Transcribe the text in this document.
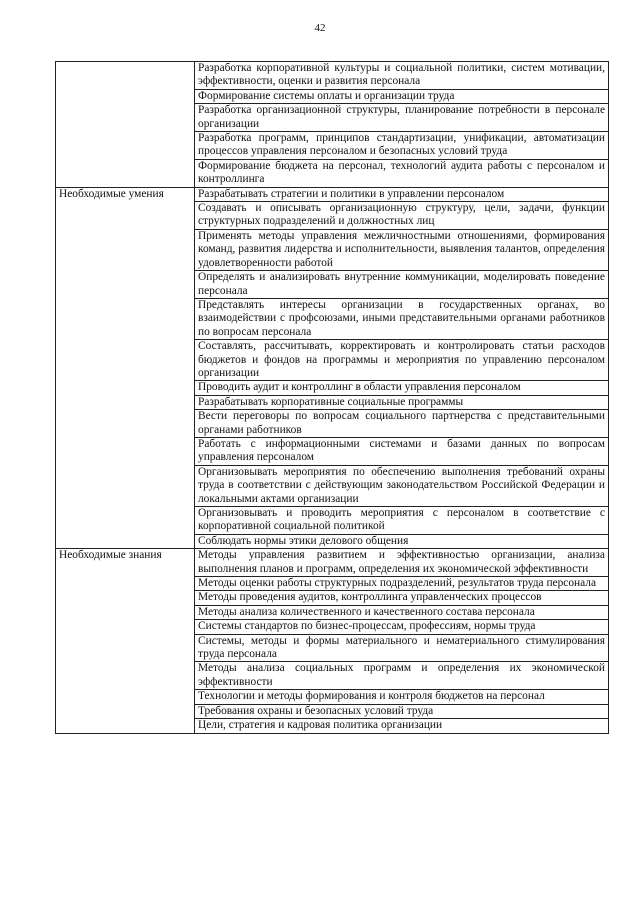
42
	Разработка корпоративной культуры и социальной политики, систем мотивации, эффективности, оценки и развития персонала
	Формирование системы оплаты и организации труда
	Разработка организационной структуры, планирование потребности в персонале организации
	Разработка программ, принципов стандартизации, унификации, автоматизации процессов управления персоналом и безопасных условий труда
	Формирование бюджета на персонал, технологий аудита работы с персоналом и контроллинга
Необходимые умения	Разрабатывать стратегии и политики в управлении персоналом
	Создавать и описывать организационную структуру, цели, задачи, функции структурных подразделений и должностных лиц
	Применять методы управления межличностными отношениями, формирования команд, развития лидерства и исполнительности, выявления талантов, определения удовлетворенности работой
	Определять и анализировать внутренние коммуникации, моделировать поведение персонала
	Представлять интересы организации в государственных органах, во взаимодействии с профсоюзами, иными представительными органами работников по вопросам персонала
	Составлять, рассчитывать, корректировать и контролировать статьи расходов бюджетов и фондов на программы и мероприятия по управлению персоналом организации
	Проводить аудит и контроллинг в области управления персоналом
	Разрабатывать корпоративные социальные программы
	Вести переговоры по вопросам социального партнерства с представительными органами работников
	Работать с информационными системами и базами данных по вопросам управления персоналом
	Организовывать мероприятия по обеспечению выполнения требований охраны труда в соответствии с действующим законодательством Российской Федерации и локальными актами организации
	Организовывать и проводить мероприятия с персоналом в соответствие с корпоративной социальной политикой
	Соблюдать нормы этики делового общения
Необходимые знания	Методы управления развитием и эффективностью организации, анализа выполнения планов и программ, определения их экономической эффективности
	Методы оценки работы структурных подразделений, результатов труда персонала
	Методы проведения аудитов, контроллинга управленческих процессов
	Методы анализа количественного и качественного состава персонала
	Системы стандартов по бизнес-процессам, профессиям, нормы труда
	Системы, методы и формы материального и нематериального стимулирования труда персонала
	Методы анализа социальных программ и определения их экономической эффективности
	Технологии и методы формирования и контроля бюджетов на персонал
	Требования охраны и безопасных условий труда
	Цели, стратегия и кадровая политика организации
